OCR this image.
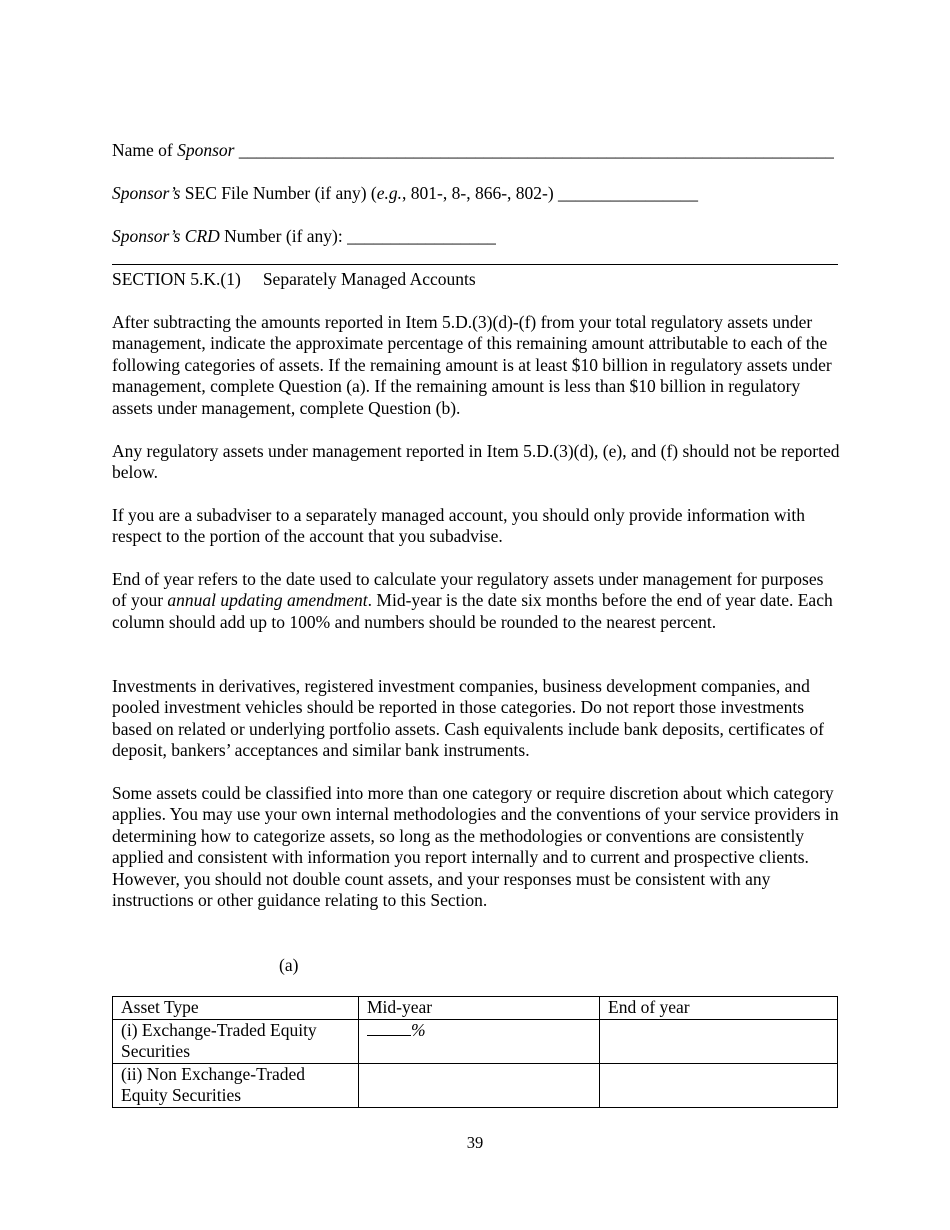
Name of Sponsor ____________________________________________________________________
Sponsor’s SEC File Number (if any) (e.g., 801-, 8-, 866-, 802-) ________________
Sponsor’s CRD Number (if any): _________________
SECTION 5.K.(1) Separately Managed Accounts
After subtracting the amounts reported in Item 5.D.(3)(d)-(f) from your total regulatory assets under management, indicate the approximate percentage of this remaining amount attributable to each of the following categories of assets. If the remaining amount is at least $10 billion in regulatory assets under management, complete Question (a). If the remaining amount is less than $10 billion in regulatory assets under management, complete Question (b).
Any regulatory assets under management reported in Item 5.D.(3)(d), (e), and (f) should not be reported below.
If you are a subadviser to a separately managed account, you should only provide information with respect to the portion of the account that you subadvise.
End of year refers to the date used to calculate your regulatory assets under management for purposes of your annual updating amendment. Mid-year is the date six months before the end of year date. Each column should add up to 100% and numbers should be rounded to the nearest percent.
Investments in derivatives, registered investment companies, business development companies, and pooled investment vehicles should be reported in those categories. Do not report those investments based on related or underlying portfolio assets. Cash equivalents include bank deposits, certificates of deposit, bankers’ acceptances and similar bank instruments.
Some assets could be classified into more than one category or require discretion about which category applies. You may use your own internal methodologies and the conventions of your service providers in determining how to categorize assets, so long as the methodologies or conventions are consistently applied and consistent with information you report internally and to current and prospective clients. However, you should not double count assets, and your responses must be consistent with any instructions or other guidance relating to this Section.
(a)
Asset Type	Mid-year	End of year
(i) Exchange-Traded Equity Securities	%	
(ii) Non Exchange-Traded Equity Securities		
39
